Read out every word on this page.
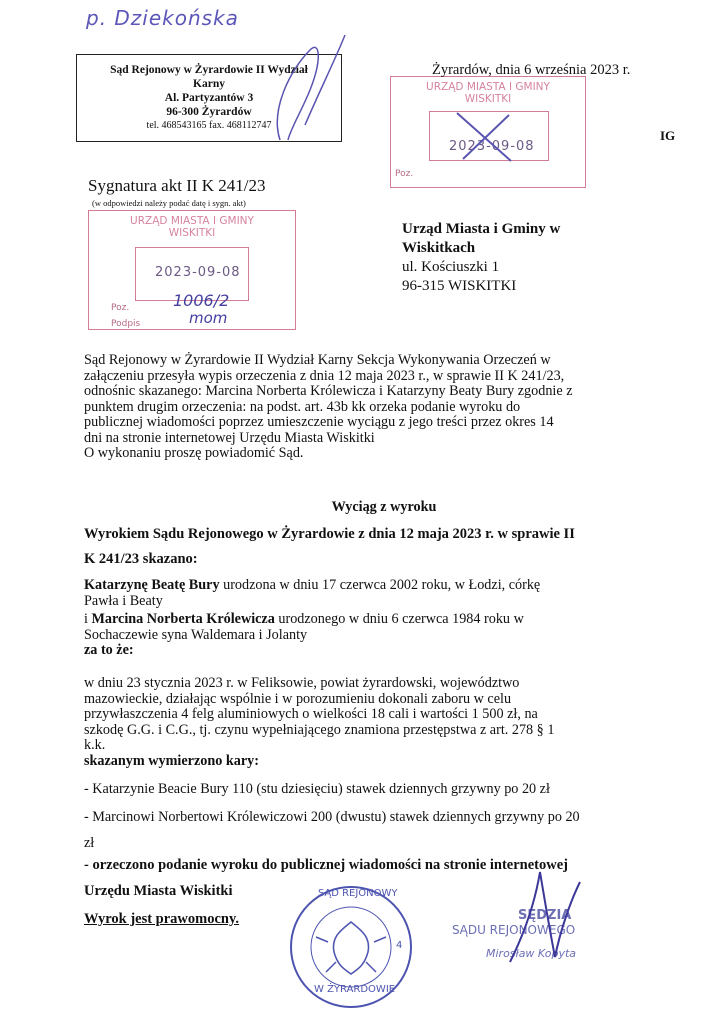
p. Dziekońska
Sąd Rejonowy w Żyrardowie II Wydział
Karny
Al. Partyzantów 3
96-300 Żyrardów
tel. 468543165 fax. 468112747
URZĄD MIASTA I GMINY
WISKITKI
2023-09-08
Poz.
Żyrardów, dnia 6 września 2023 r.
IG
Sygnatura akt II K 241/23
(w odpowiedzi należy podać datę i sygn. akt)
URZĄD MIASTA I GMINY
WISKITKI
2023-09-08
Poz.
Podpis
1006/2
mom
Urząd Miasta i Gminy w
Wiskitkach
ul. Kościuszki 1
96-315 WISKITKI
Sąd Rejonowy w Żyrardowie II Wydział Karny Sekcja Wykonywania Orzeczeń w
załączeniu przesyła wypis orzeczenia z dnia 12 maja 2023 r., w sprawie II K 241/23,
odnośnic skazanego: Marcina Norberta Królewicza i Katarzyny Beaty Bury zgodnie z
punktem drugim orzeczenia: na podst. art. 43b kk orzeka podanie wyroku do
publicznej wiadomości poprzez umieszczenie wyciągu z jego treści przez okres 14
dni na stronie internetowej Urzędu Miasta Wiskitki
O wykonaniu proszę powiadomić Sąd.
Wyciąg z wyroku
Wyrokiem Sądu Rejonowego w Żyrardowie z dnia 12 maja 2023 r. w sprawie II
K 241/23 skazano:
Katarzynę Beatę Bury urodzona w dniu 17 czerwca 2002 roku, w Łodzi, córkę
Pawła i Beaty
i Marcina Norberta Królewicza urodzonego w dniu 6 czerwca 1984 roku w
Sochaczewie syna Waldemara i Jolanty
za to że:
w dniu 23 stycznia 2023 r. w Feliksowie, powiat żyrardowski, województwo
mazowieckie, działając wspólnie i w porozumieniu dokonali zaboru w celu
przywłaszczenia 4 felg aluminiowych o wielkości 18 cali i wartości 1 500 zł, na
szkodę G.G. i C.G., tj. czynu wypełniającego znamiona przestępstwa z art. 278 § 1
k.k.
skazanym wymierzono kary:
- Katarzynie Beacie Bury 110 (stu dziesięciu) stawek dziennych grzywny po 20 zł
- Marcinowi Norbertowi Królewiczowi 200 (dwustu) stawek dziennych grzywny po 20
zł
- orzeczono podanie wyroku do publicznej wiadomości na stronie internetowej
Urzędu Miasta Wiskitki
Wyrok jest prawomocny.
SĄD REJONOWY
W ŻYRARDOWIE
4
SĘDZIA
SĄDU REJONOWEGO
Mirosław Kopyta
